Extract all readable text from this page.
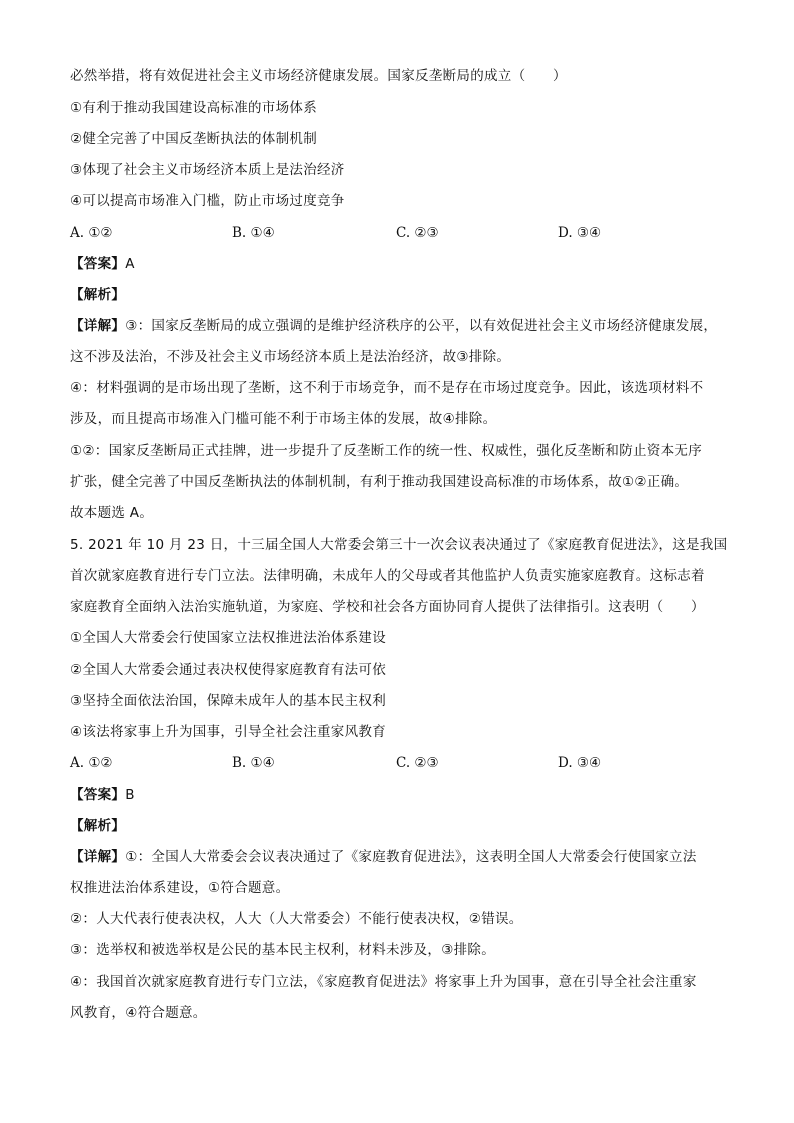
必然举措，将有效促进社会主义市场经济健康发展。国家反垄断局的成立（　　）
①有利于推动我国建设高标准的市场体系
②健全完善了中国反垄断执法的体制机制
③体现了社会主义市场经济本质上是法治经济
④可以提高市场准入门槛，防止市场过度竞争
A. ①②	B. ①④	C. ②③	D. ③④
【答案】A
【解析】
【详解】③：国家反垄断局的成立强调的是维护经济秩序的公平，以有效促进社会主义市场经济健康发展，
这不涉及法治，不涉及社会主义市场经济本质上是法治经济，故③排除。
④：材料强调的是市场出现了垄断，这不利于市场竞争，而不是存在市场过度竞争。因此，该选项材料不
涉及，而且提高市场准入门槛可能不利于市场主体的发展，故④排除。
①②：国家反垄断局正式挂牌，进一步提升了反垄断工作的统一性、权威性，强化反垄断和防止资本无序
扩张，健全完善了中国反垄断执法的体制机制，有利于推动我国建设高标准的市场体系，故①②正确。
故本题选 A。
5. 2021 年 10 月 23 日，十三届全国人大常委会第三十一次会议表决通过了《家庭教育促进法》，这是我国
首次就家庭教育进行专门立法。法律明确，未成年人的父母或者其他监护人负责实施家庭教育。这标志着
家庭教育全面纳入法治实施轨道，为家庭、学校和社会各方面协同育人提供了法律指引。这表明（　　）
①全国人大常委会行使国家立法权推进法治体系建设
②全国人大常委会通过表决权使得家庭教育有法可依
③坚持全面依法治国，保障未成年人的基本民主权利
④该法将家事上升为国事，引导全社会注重家风教育
A. ①②	B. ①④	C. ②③	D. ③④
【答案】B
【解析】
【详解】①：全国人大常委会会议表决通过了《家庭教育促进法》，这表明全国人大常委会行使国家立法
权推进法治体系建设，①符合题意。
②：人大代表行使表决权，人大（人大常委会）不能行使表决权，②错误。
③：选举权和被选举权是公民的基本民主权利，材料未涉及，③排除。
④：我国首次就家庭教育进行专门立法，《家庭教育促进法》将家事上升为国事，意在引导全社会注重家
风教育，④符合题意。
